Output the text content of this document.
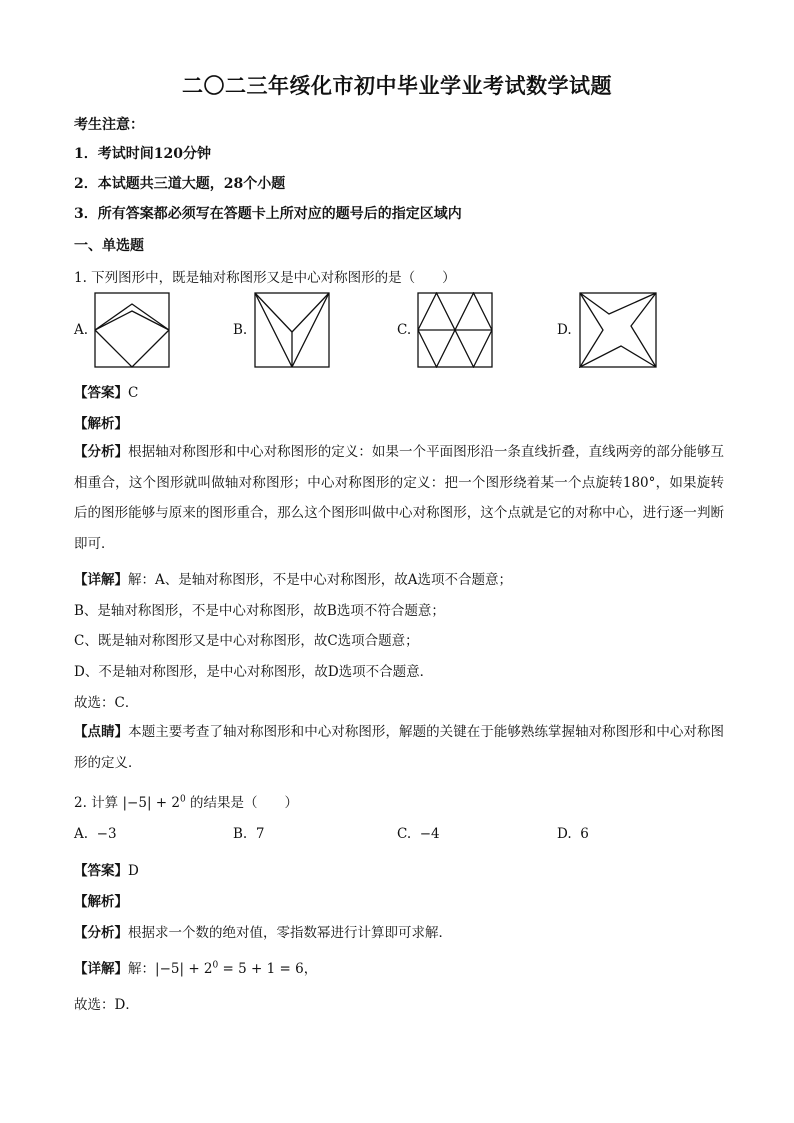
二〇二三年绥化市初中毕业学业考试数学试题
考生注意：
1．考试时间120分钟
2．本试题共三道大题，28个小题
3．所有答案都必须写在答题卡上所对应的题号后的指定区域内
一、单选题
1. 下列图形中，既是轴对称图形又是中心对称图形的是（　　）
A.	B.	C.	D.
【答案】C
【解析】
【分析】根据轴对称图形和中心对称图形的定义：如果一个平面图形沿一条直线折叠，直线两旁的部分能够互相重合，这个图形就叫做轴对称图形；中心对称图形的定义：把一个图形绕着某一个点旋转180°，如果旋转后的图形能够与原来的图形重合，那么这个图形叫做中心对称图形，这个点就是它的对称中心，进行逐一判断即可．
【详解】解：A、是轴对称图形，不是中心对称图形，故A选项不合题意；
B、是轴对称图形，不是中心对称图形，故B选项不符合题意；
C、既是轴对称图形又是中心对称图形，故C选项合题意；
D、不是轴对称图形，是中心对称图形，故D选项不合题意．
故选：C．
【点睛】本题主要考查了轴对称图形和中心对称图形，解题的关键在于能够熟练掌握轴对称图形和中心对称图形的定义．
2. 计算 $|-5| + 2^0$ 的结果是（　　）
A. −3	B. 7	C. −4	D. 6
【答案】D
【解析】
【分析】根据求一个数的绝对值，零指数幂进行计算即可求解．
【详解】解：$|-5| + 2^0 = 5 + 1 = 6$，
故选：D．
